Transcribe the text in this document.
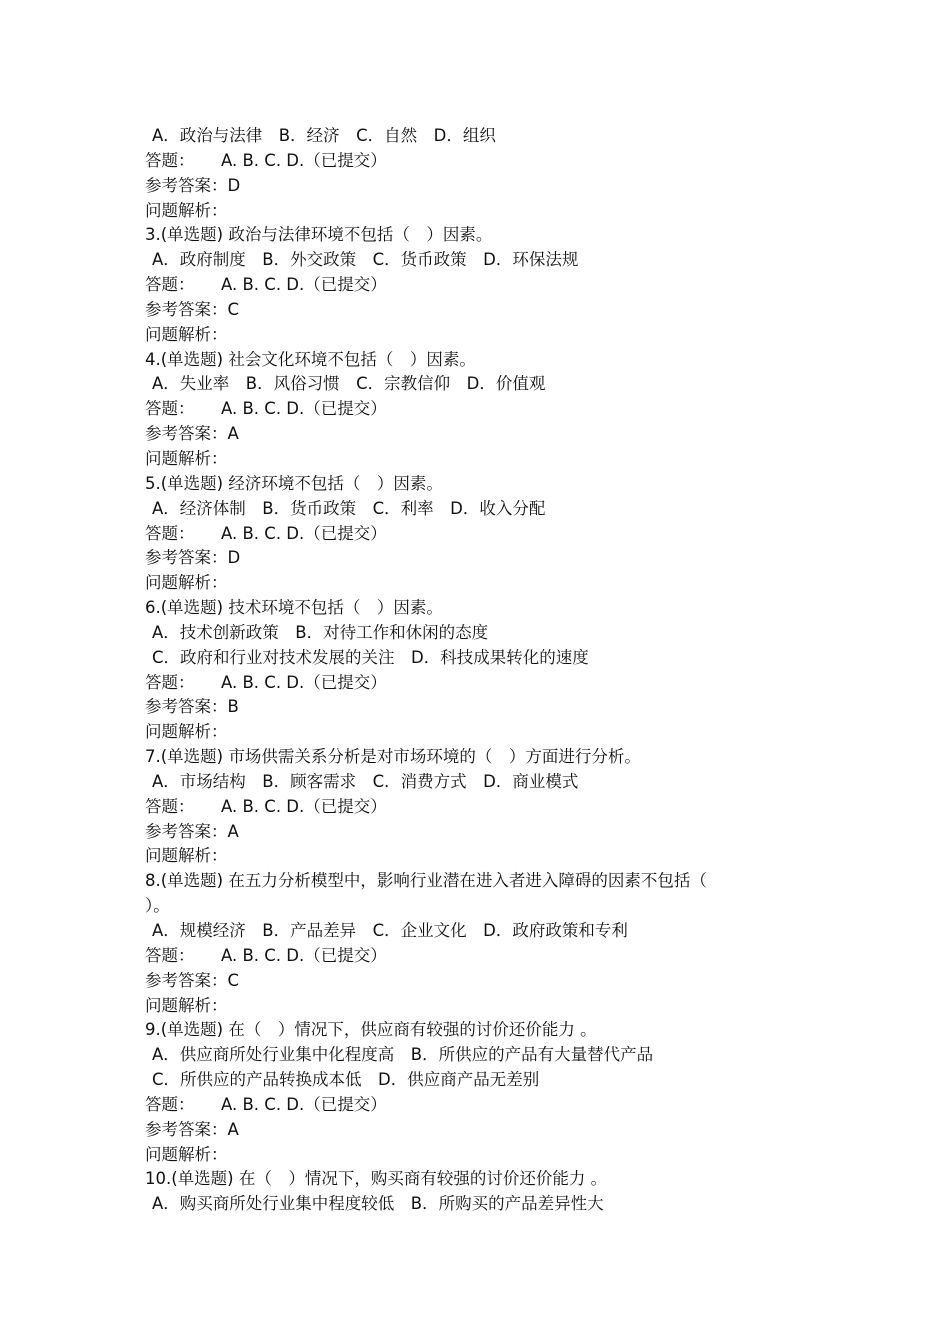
A．政治与法律　B．经济　C．自然　D．组织
答题： A. B. C. D.（已提交）
参考答案：D
问题解析：
3.(单选题) 政治与法律环境不包括（　）因素。
A．政府制度　B．外交政策　C．货币政策　D．环保法规
答题： A. B. C. D.（已提交）
参考答案：C
问题解析：
4.(单选题) 社会文化环境不包括（　）因素。
A．失业率　B．风俗习惯　C．宗教信仰　D．价值观
答题： A. B. C. D.（已提交）
参考答案：A
问题解析：
5.(单选题) 经济环境不包括（　）因素。
A．经济体制　B．货币政策　C．利率　D．收入分配
答题： A. B. C. D.（已提交）
参考答案：D
问题解析：
6.(单选题) 技术环境不包括（　）因素。
A．技术创新政策　B．对待工作和休闲的态度
C．政府和行业对技术发展的关注　D．科技成果转化的速度
答题： A. B. C. D.（已提交）
参考答案：B
问题解析：
7.(单选题) 市场供需关系分析是对市场环境的（　）方面进行分析。
A．市场结构　B．顾客需求　C．消费方式　D．商业模式
答题： A. B. C. D.（已提交）
参考答案：A
问题解析：
8.(单选题) 在五力分析模型中，影响行业潜在进入者进入障碍的因素不包括（
）。
A．规模经济　B．产品差异　C．企业文化　D．政府政策和专利
答题： A. B. C. D.（已提交）
参考答案：C
问题解析：
9.(单选题) 在（　）情况下，供应商有较强的讨价还价能力 。
A．供应商所处行业集中化程度高　B．所供应的产品有大量替代产品
C．所供应的产品转换成本低　D．供应商产品无差别
答题： A. B. C. D.（已提交）
参考答案：A
问题解析：
10.(单选题) 在（　）情况下，购买商有较强的讨价还价能力 。
A．购买商所处行业集中程度较低　B．所购买的产品差异性大
